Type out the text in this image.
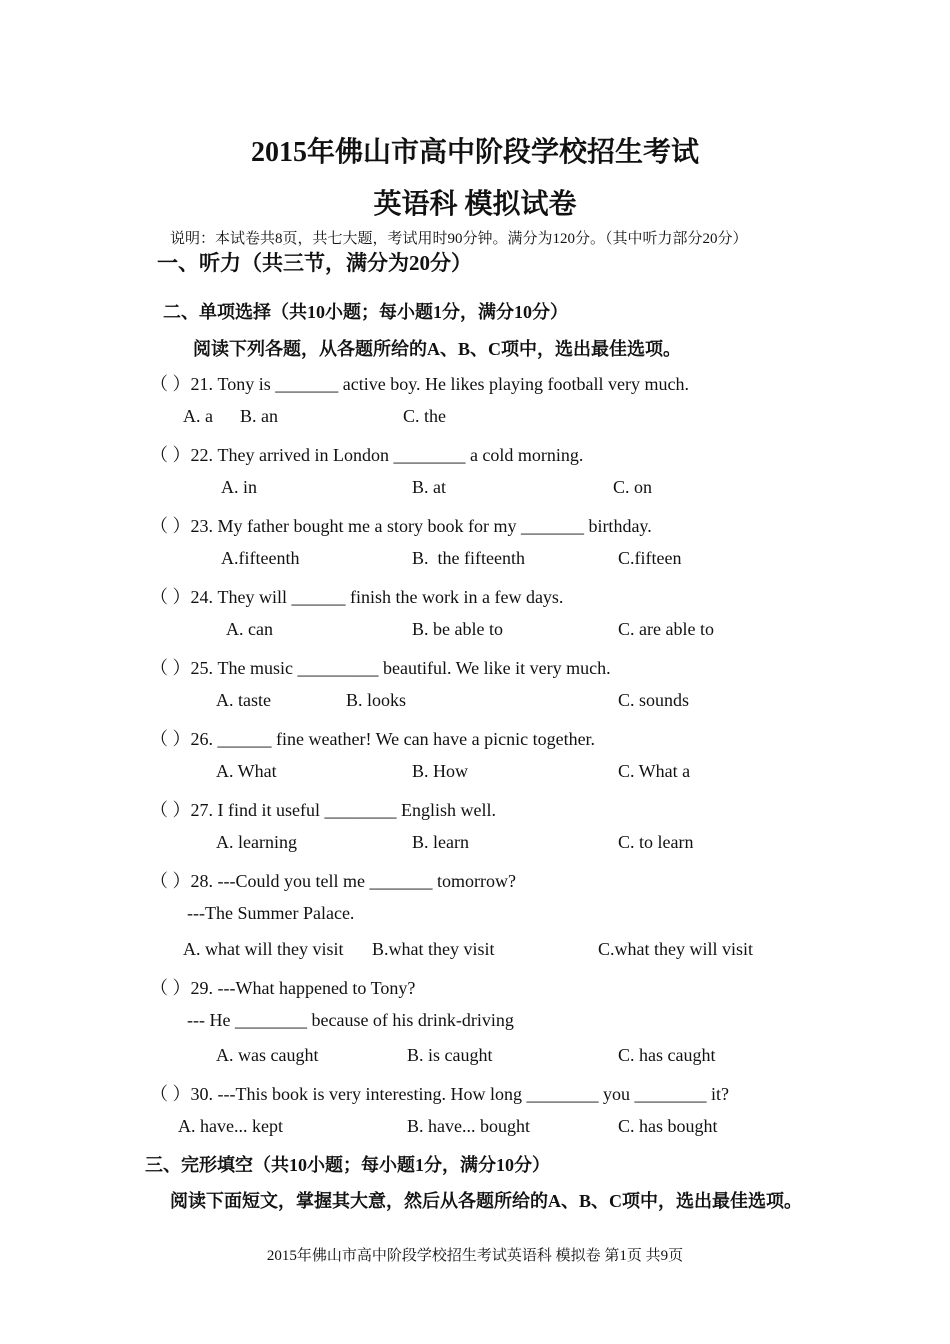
2015年佛山市高中阶段学校招生考试
英语科 模拟试卷
说明：本试卷共8页，共七大题，考试用时90分钟。满分为120分。（其中听力部分20分）
一、听力（共三节，满分为20分）
二、单项选择（共10小题；每小题1分，满分10分）
阅读下列各题，从各题所给的A、B、C项中，选出最佳选项。
（ ）21. Tony is _______ active boy. He likes playing football very much.
A. a B. an	C. the
（ ）22. They arrived in London ________ a cold morning.
A. in	B. at	C. on
（ ）23. My father bought me a story book for my _______ birthday.
A.fifteenth	B.  the fifteenth	C.fifteen
（ ）24. They will ______ finish the work in a few days.
A. can	B. be able to	C. are able to
（ ）25. The music _________ beautiful. We like it very much.
A. taste	B. looks	C. sounds
（ ）26. ______ fine weather! We can have a picnic together.
A. What	B. How	C. What a
（ ）27. I find it useful ________ English well.
A. learning	B. learn	C. to learn
（ ）28. ---Could you tell me _______ tomorrow?
---The Summer Palace.
A. what will they visit B.what they visit	C.what they will visit
（ ）29. ---What happened to Tony?
--- He ________ because of his drink-driving
A. was caught	B. is caught	C. has caught
（ ）30. ---This book is very interesting. How long ________ you ________ it?
A. have... kept	B. have... bought	C. has bought
三、完形填空（共10小题；每小题1分，满分10分）
阅读下面短文，掌握其大意，然后从各题所给的A、B、C项中，选出最佳选项。
2015年佛山市高中阶段学校招生考试英语科 模拟卷 第1页 共9页
